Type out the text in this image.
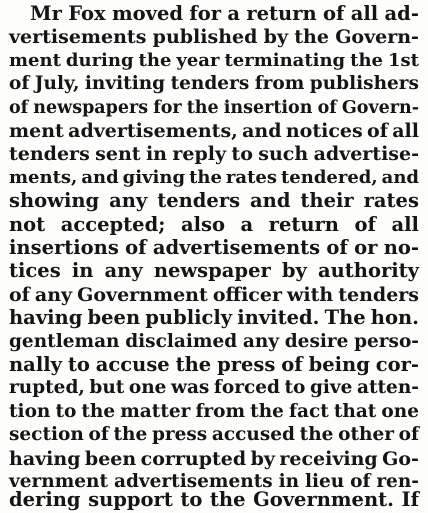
Mr Fox moved for a return of all ad-
vertisements published by the Govern-
ment during the year terminating the 1st
of July, inviting tenders from publishers
of newspapers for the insertion of Govern-
ment advertisements, and notices of all
tenders sent in reply to such advertise-
ments, and giving the rates tendered, and
showing any tenders and their rates
not accepted; also a return of all
insertions of advertisements of or no-
tices in any newspaper by authority
of any Government officer with tenders
having been publicly invited. The hon.
gentleman disclaimed any desire perso-
nally to accuse the press of being cor-
rupted, but one was forced to give atten-
tion to the matter from the fact that one
section of the press accused the other of
having been corrupted by receiving Go-
vernment advertisements in lieu of ren-
dering support to the Government. If
